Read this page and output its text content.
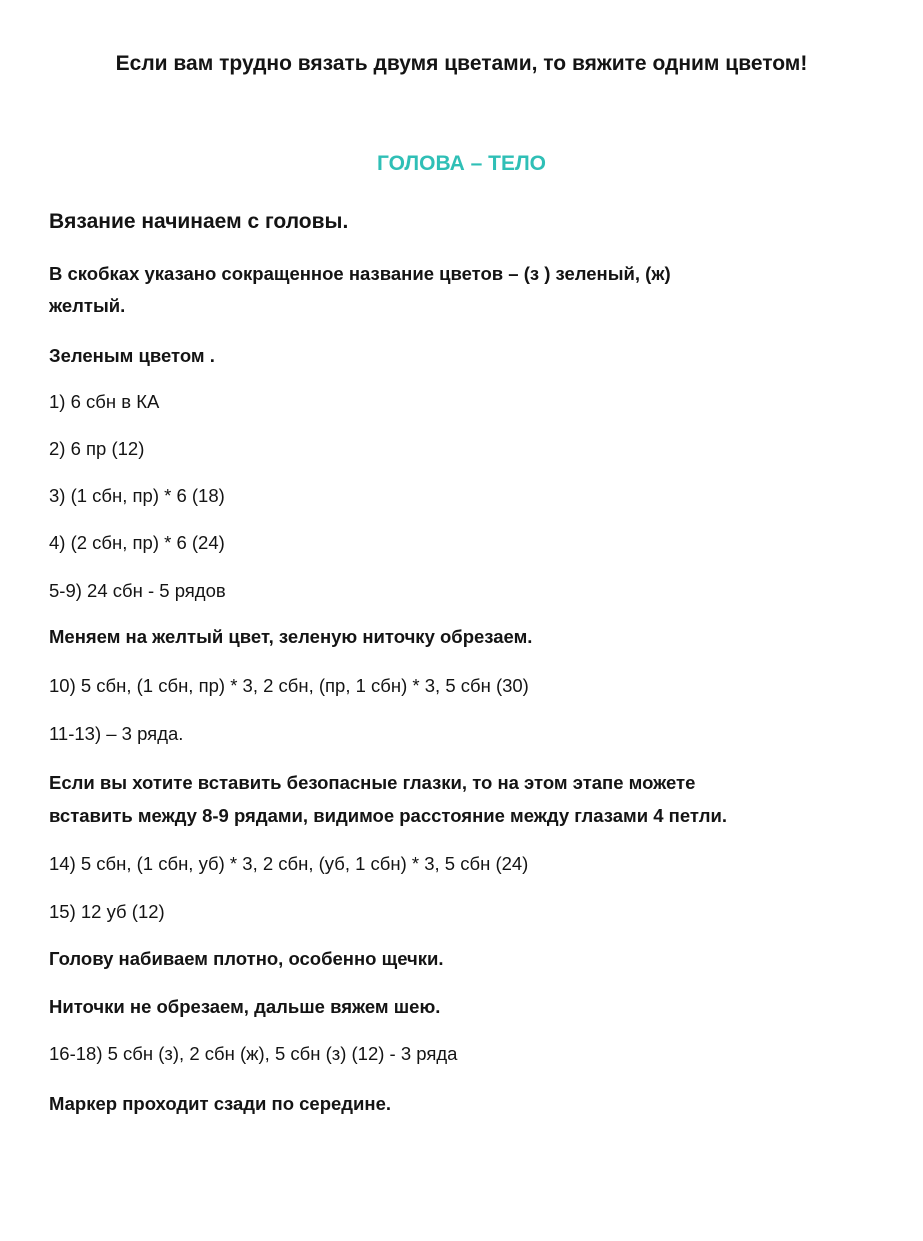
Если вам трудно вязать двумя цветами, то вяжите одним цветом!
ГОЛОВА – ТЕЛО
Вязание начинаем с головы.
В скобках указано сокращенное название цветов – (з ) зеленый, (ж)
желтый.
Зеленым цветом .
1) 6 сбн в КА
2) 6 пр (12)
3) (1 сбн, пр) * 6 (18)
4) (2 сбн, пр) * 6 (24)
5-9) 24 сбн - 5 рядов
Меняем на желтый цвет, зеленую ниточку обрезаем.
10) 5 сбн, (1 сбн, пр) * 3, 2 сбн, (пр, 1 сбн) * 3, 5 сбн (30)
11-13) – 3 ряда.
Если вы хотите вставить безопасные глазки, то на этом этапе можете
вставить между 8-9 рядами, видимое расстояние между глазами 4 петли.
14) 5 сбн, (1 сбн, уб) * 3, 2 сбн, (уб, 1 сбн) * 3, 5 сбн (24)
15) 12 уб (12)
Голову набиваем плотно, особенно щечки.
Ниточки не обрезаем, дальше вяжем шею.
16-18) 5 сбн (з), 2 сбн (ж), 5 сбн (з) (12) - 3 ряда
Маркер проходит сзади по середине.
